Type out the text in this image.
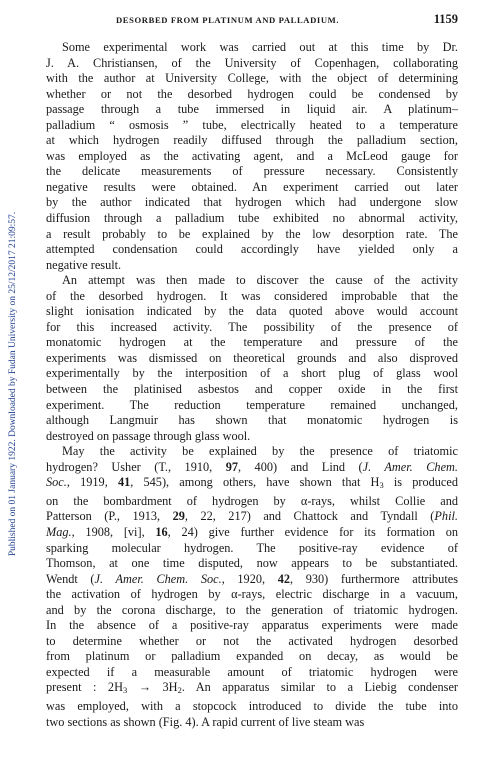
Published on 01 January 1922. Downloaded by Fudan University on 25/12/2017 21:09:57.
DESORBED FROM PLATINUM AND PALLADIUM.	1159
Some experimental work was carried out at this time by Dr.
J. A. Christiansen, of the University of Copenhagen, collaborating
with the author at University College, with the object of determining
whether or not the desorbed hydrogen could be condensed by
passage through a tube immersed in liquid air. A platinum–
palladium “ osmosis ” tube, electrically heated to a temperature
at which hydrogen readily diffused through the palladium section,
was employed as the activating agent, and a McLeod gauge for
the delicate measurements of pressure necessary. Consistently
negative results were obtained. An experiment carried out later
by the author indicated that hydrogen which had undergone slow
diffusion through a palladium tube exhibited no abnormal activity,
a result probably to be explained by the low desorption rate. The
attempted condensation could accordingly have yielded only a
negative result.
An attempt was then made to discover the cause of the activity
of the desorbed hydrogen. It was considered improbable that the
slight ionisation indicated by the data quoted above would account
for this increased activity. The possibility of the presence of
monatomic hydrogen at the temperature and pressure of the
experiments was dismissed on theoretical grounds and also disproved
experimentally by the interposition of a short plug of glass wool
between the platinised asbestos and copper oxide in the first
experiment. The reduction temperature remained unchanged,
although Langmuir has shown that monatomic hydrogen is
destroyed on passage through glass wool.
May the activity be explained by the presence of triatomic
hydrogen? Usher (T., 1910, 97, 400) and Lind (J. Amer. Chem.
Soc., 1919, 41, 545), among others, have shown that $H_3$ is produced
on the bombardment of hydrogen by α-rays, whilst Collie and
Patterson (P., 1913, 29, 22, 217) and Chattock and Tyndall (Phil.
Mag., 1908, [vi], 16, 24) give further evidence for its formation on
sparking molecular hydrogen. The positive-ray evidence of
Thomson, at one time disputed, now appears to be substantiated.
Wendt (J. Amer. Chem. Soc., 1920, 42, 930) furthermore attributes
the activation of hydrogen by α-rays, electric discharge in a vacuum,
and by the corona discharge, to the generation of triatomic hydrogen.
In the absence of a positive-ray apparatus experiments were made
to determine whether or not the activated hydrogen desorbed
from platinum or palladium expanded on decay, as would be
expected if a measurable amount of triatomic hydrogen were
present : $2H_3 \to 3H_2$. An apparatus similar to a Liebig condenser
was employed, with a stopcock introduced to divide the tube into
two sections as shown (Fig. 4). A rapid current of live steam was
